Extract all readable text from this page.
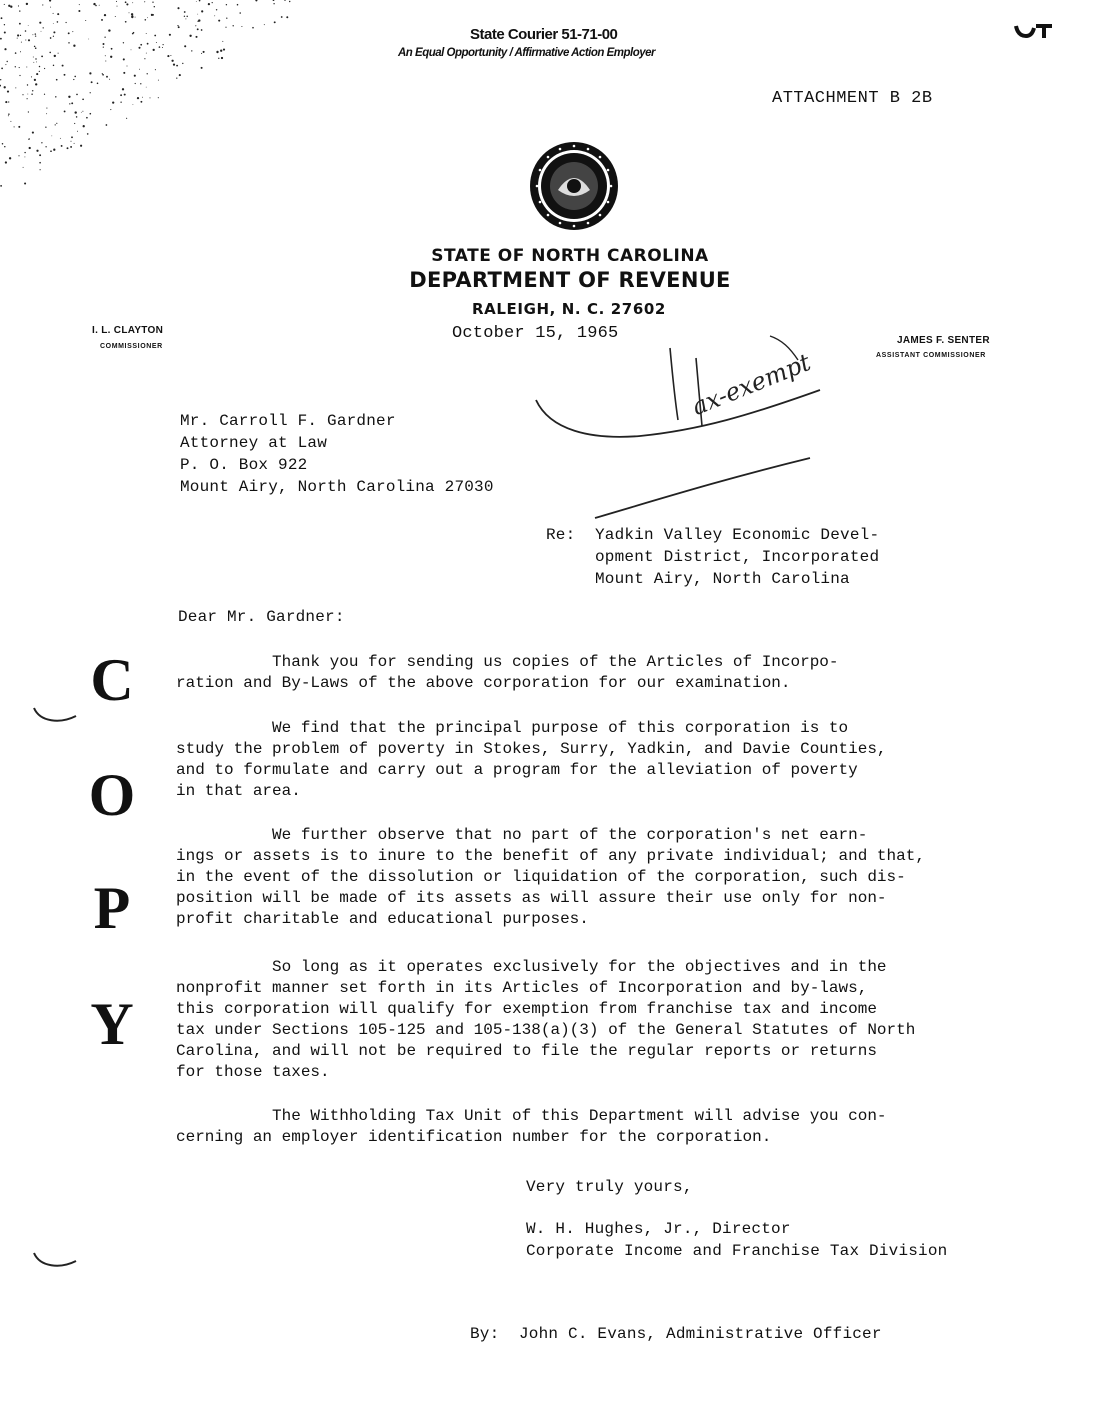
State Courier 51-71-00
An Equal Opportunity / Affirmative Action Employer
ATTACHMENT B 2B
STATE OF NORTH CAROLINA
DEPARTMENT OF REVENUE
RALEIGH, N. C. 27602
I. L. CLAYTON
COMMISSIONER
JAMES F. SENTER
ASSISTANT COMMISSIONER
October 15, 1965
ax-exempt
Mr. Carroll F. Gardner
Attorney at Law
P. O. Box 922
Mount Airy, North Carolina 27030
Re: Yadkin Valley Economic Devel-
opment District, Incorporated
Mount Airy, North Carolina
Dear Mr. Gardner:
C
O
P
Y
Thank you for sending us copies of the Articles of Incorpo-
ration and By-Laws of the above corporation for our examination.
We find that the principal purpose of this corporation is to
study the problem of poverty in Stokes, Surry, Yadkin, and Davie Counties,
and to formulate and carry out a program for the alleviation of poverty
in that area.
We further observe that no part of the corporation's net earn-
ings or assets is to inure to the benefit of any private individual; and that,
in the event of the dissolution or liquidation of the corporation, such dis-
position will be made of its assets as will assure their use only for non-
profit charitable and educational purposes.
So long as it operates exclusively for the objectives and in the
nonprofit manner set forth in its Articles of Incorporation and by-laws,
this corporation will qualify for exemption from franchise tax and income
tax under Sections 105-125 and 105-138(a)(3) of the General Statutes of North
Carolina, and will not be required to file the regular reports or returns
for those taxes.
The Withholding Tax Unit of this Department will advise you con-
cerning an employer identification number for the corporation.
Very truly yours,
W. H. Hughes, Jr., Director
Corporate Income and Franchise Tax Division
By:  John C. Evans, Administrative Officer
